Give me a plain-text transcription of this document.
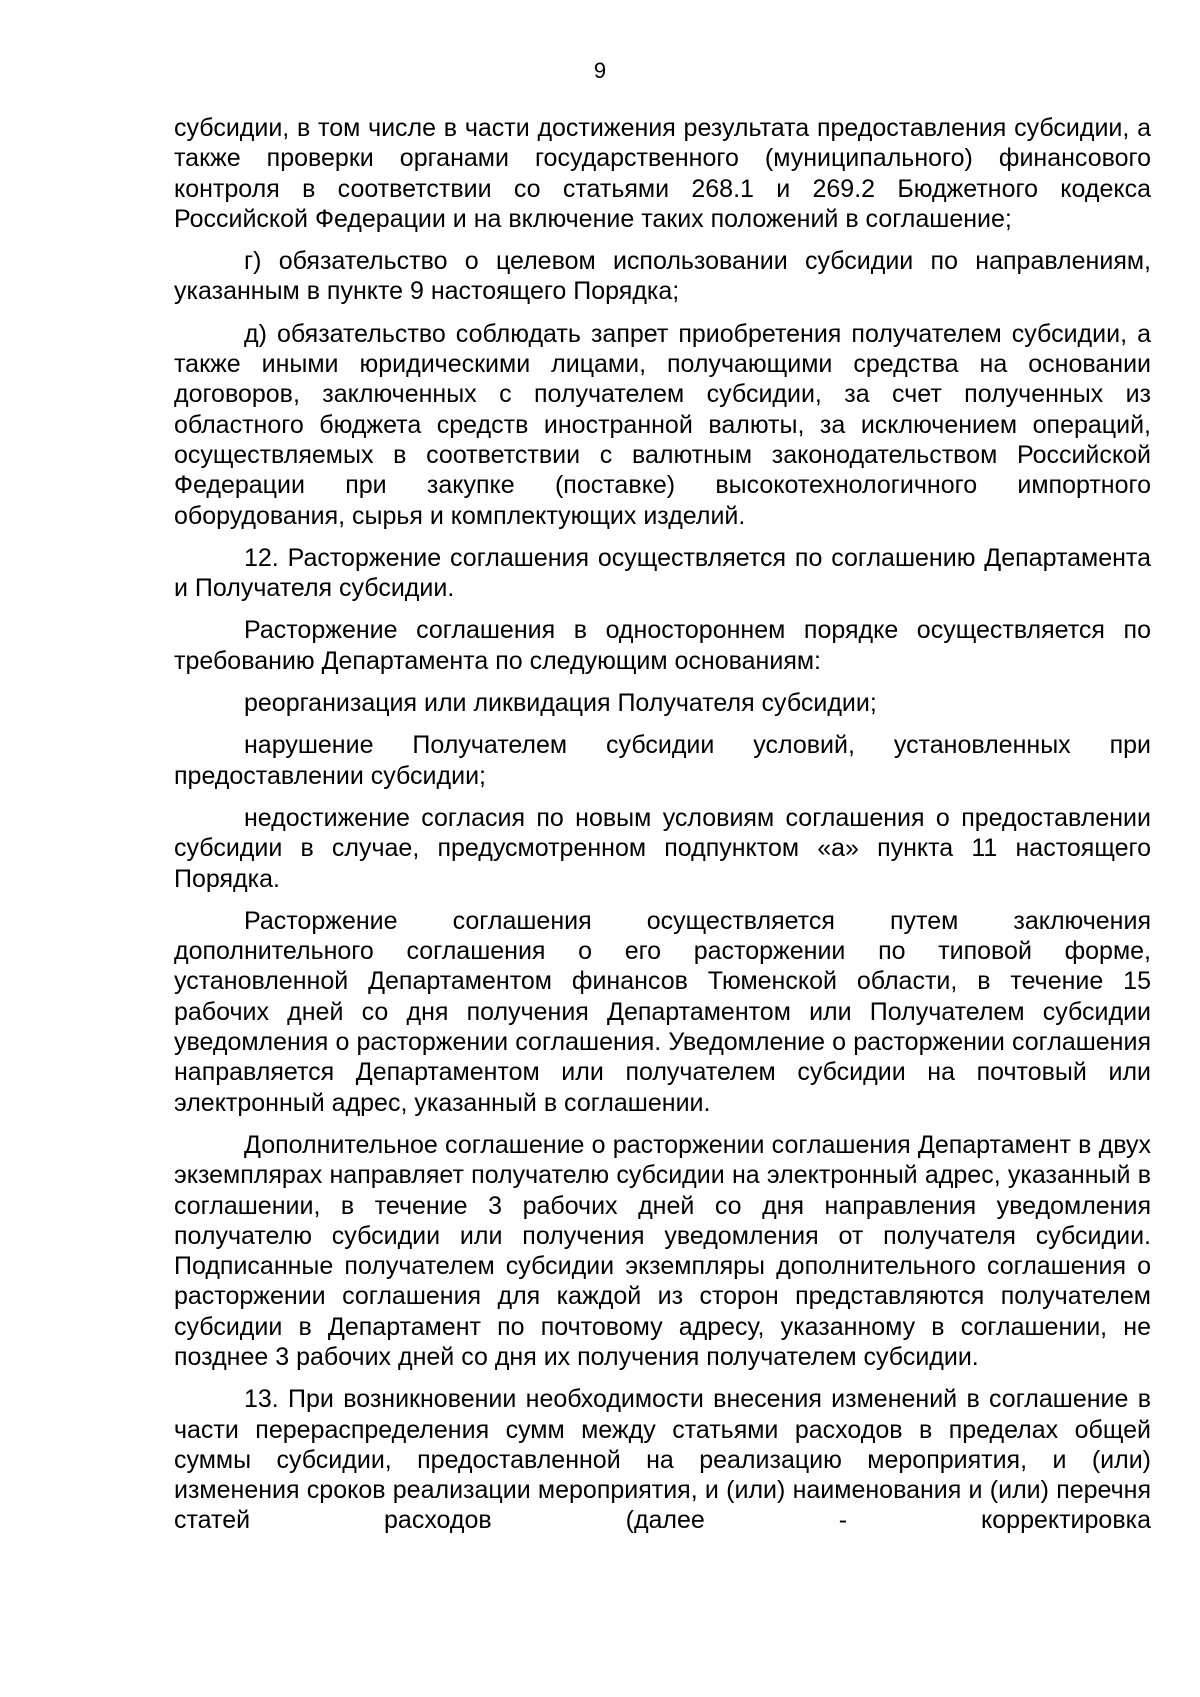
9

субсидии, в том числе в части достижения результата предоставления субсидии, а также проверки органами государственного (муниципального) финансового контроля в соответствии со статьями 268.1 и 269.2 Бюджетного кодекса Российской Федерации и на включение таких положений в соглашение;

г) обязательство о целевом использовании субсидии по направлениям, указанным в пункте 9 настоящего Порядка;

д) обязательство соблюдать запрет приобретения получателем субсидии, а также иными юридическими лицами, получающими средства на основании договоров, заключенных с получателем субсидии, за счет полученных из областного бюджета средств иностранной валюты, за исключением операций, осуществляемых в соответствии с валютным законодательством Российской Федерации при закупке (поставке) высокотехнологичного импортного оборудования, сырья и комплектующих изделий.

12. Расторжение соглашения осуществляется по соглашению Департамента и Получателя субсидии.

Расторжение соглашения в одностороннем порядке осуществляется по требованию Департамента по следующим основаниям:

реорганизация или ликвидация Получателя субсидии;

нарушение Получателем субсидии условий, установленных при предоставлении субсидии;

недостижение согласия по новым условиям соглашения о предоставлении субсидии в случае, предусмотренном подпунктом «а» пункта 11 настоящего Порядка.

Расторжение соглашения осуществляется путем заключения дополнительного соглашения о его расторжении по типовой форме, установленной Департаментом финансов Тюменской области, в течение 15 рабочих дней со дня получения Департаментом или Получателем субсидии уведомления о расторжении соглашения. Уведомление о расторжении соглашения направляется Департаментом или получателем субсидии на почтовый или электронный адрес, указанный в соглашении.

Дополнительное соглашение о расторжении соглашения Департамент в двух экземплярах направляет получателю субсидии на электронный адрес, указанный в соглашении, в течение 3 рабочих дней со дня направления уведомления получателю субсидии или получения уведомления от получателя субсидии. Подписанные получателем субсидии экземпляры дополнительного соглашения о расторжении соглашения для каждой из сторон представляются получателем субсидии в Департамент по почтовому адресу, указанному в соглашении, не позднее 3 рабочих дней со дня их получения получателем субсидии.

13. При возникновении необходимости внесения изменений в соглашение в части перераспределения сумм между статьями расходов в пределах общей суммы субсидии, предоставленной на реализацию мероприятия, и (или) изменения сроков реализации мероприятия, и (или) наименования и (или) перечня статей расходов (далее - корректировка
